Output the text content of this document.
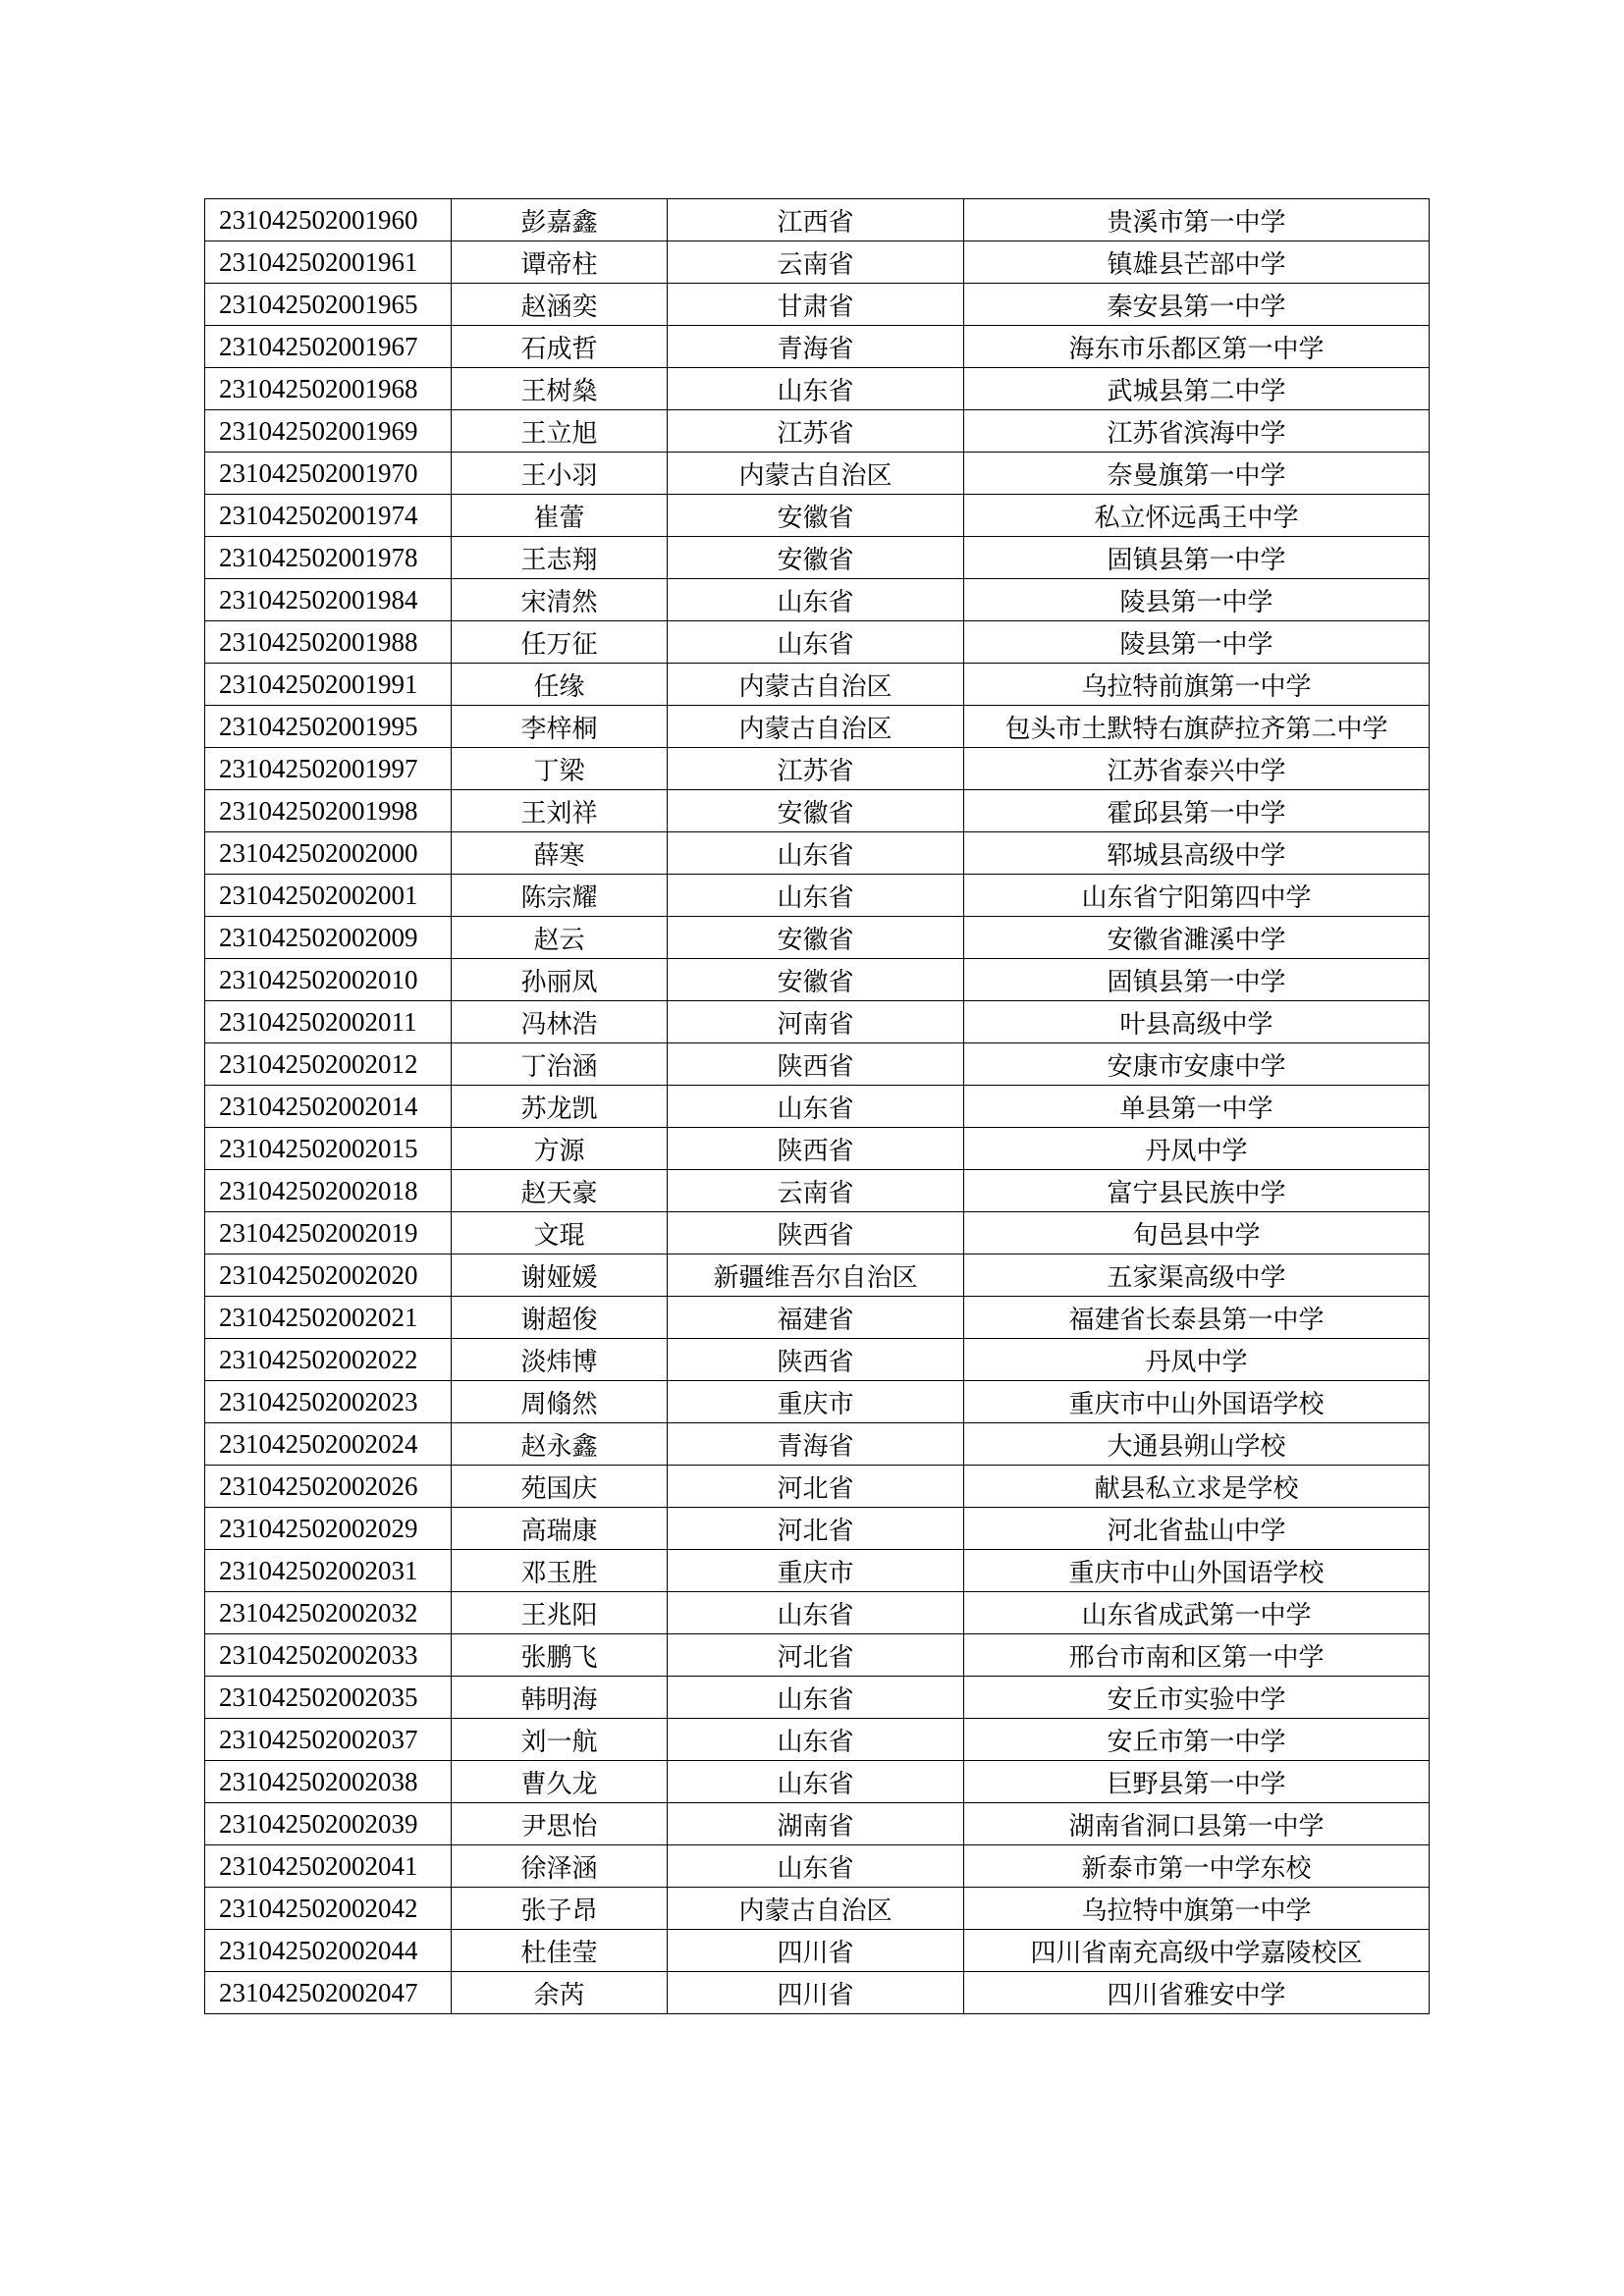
231042502001960	彭嘉鑫	江西省	贵溪市第一中学
231042502001961	谭帝柱	云南省	镇雄县芒部中学
231042502001965	赵涵奕	甘肃省	秦安县第一中学
231042502001967	石成哲	青海省	海东市乐都区第一中学
231042502001968	王树燊	山东省	武城县第二中学
231042502001969	王立旭	江苏省	江苏省滨海中学
231042502001970	王小羽	内蒙古自治区	奈曼旗第一中学
231042502001974	崔蕾	安徽省	私立怀远禹王中学
231042502001978	王志翔	安徽省	固镇县第一中学
231042502001984	宋清然	山东省	陵县第一中学
231042502001988	任万征	山东省	陵县第一中学
231042502001991	任缘	内蒙古自治区	乌拉特前旗第一中学
231042502001995	李梓桐	内蒙古自治区	包头市土默特右旗萨拉齐第二中学
231042502001997	丁梁	江苏省	江苏省泰兴中学
231042502001998	王刘祥	安徽省	霍邱县第一中学
231042502002000	薛寒	山东省	郓城县高级中学
231042502002001	陈宗耀	山东省	山东省宁阳第四中学
231042502002009	赵云	安徽省	安徽省濉溪中学
231042502002010	孙丽凤	安徽省	固镇县第一中学
231042502002011	冯林浩	河南省	叶县高级中学
231042502002012	丁治涵	陕西省	安康市安康中学
231042502002014	苏龙凯	山东省	单县第一中学
231042502002015	方源	陕西省	丹凤中学
231042502002018	赵天豪	云南省	富宁县民族中学
231042502002019	文琨	陕西省	旬邑县中学
231042502002020	谢娅媛	新疆维吾尔自治区	五家渠高级中学
231042502002021	谢超俊	福建省	福建省长泰县第一中学
231042502002022	淡炜博	陕西省	丹凤中学
231042502002023	周翛然	重庆市	重庆市中山外国语学校
231042502002024	赵永鑫	青海省	大通县朔山学校
231042502002026	苑国庆	河北省	献县私立求是学校
231042502002029	高瑞康	河北省	河北省盐山中学
231042502002031	邓玉胜	重庆市	重庆市中山外国语学校
231042502002032	王兆阳	山东省	山东省成武第一中学
231042502002033	张鹏飞	河北省	邢台市南和区第一中学
231042502002035	韩明海	山东省	安丘市实验中学
231042502002037	刘一航	山东省	安丘市第一中学
231042502002038	曹久龙	山东省	巨野县第一中学
231042502002039	尹思怡	湖南省	湖南省洞口县第一中学
231042502002041	徐泽涵	山东省	新泰市第一中学东校
231042502002042	张子昂	内蒙古自治区	乌拉特中旗第一中学
231042502002044	杜佳莹	四川省	四川省南充高级中学嘉陵校区
231042502002047	余芮	四川省	四川省雅安中学
